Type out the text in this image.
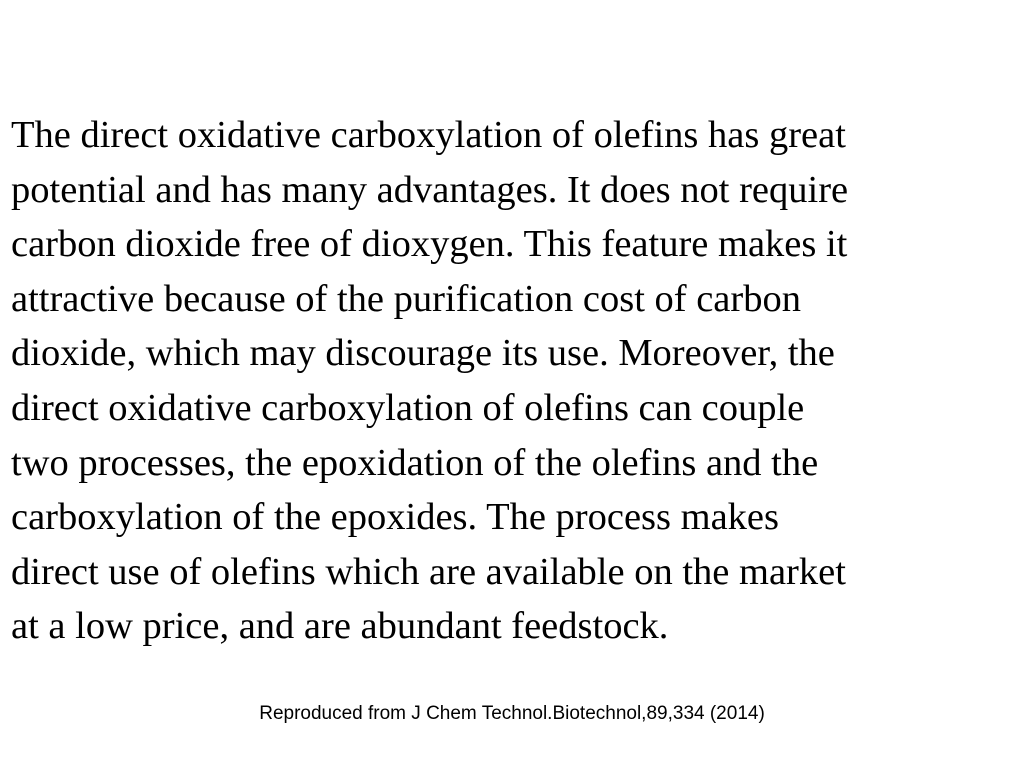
The direct oxidative carboxylation of olefins has great
potential and has many advantages. It does not require
carbon dioxide free of dioxygen. This feature makes it
attractive because of the purification cost of carbon
dioxide, which may discourage its use. Moreover, the
direct oxidative carboxylation of olefins can couple
two processes, the epoxidation of the olefins and the
carboxylation of the epoxides. The process makes
direct use of olefins which are available on the market
at a low price, and are abundant feedstock.

Reproduced from J Chem Technol.Biotechnol,89,334 (2014)
